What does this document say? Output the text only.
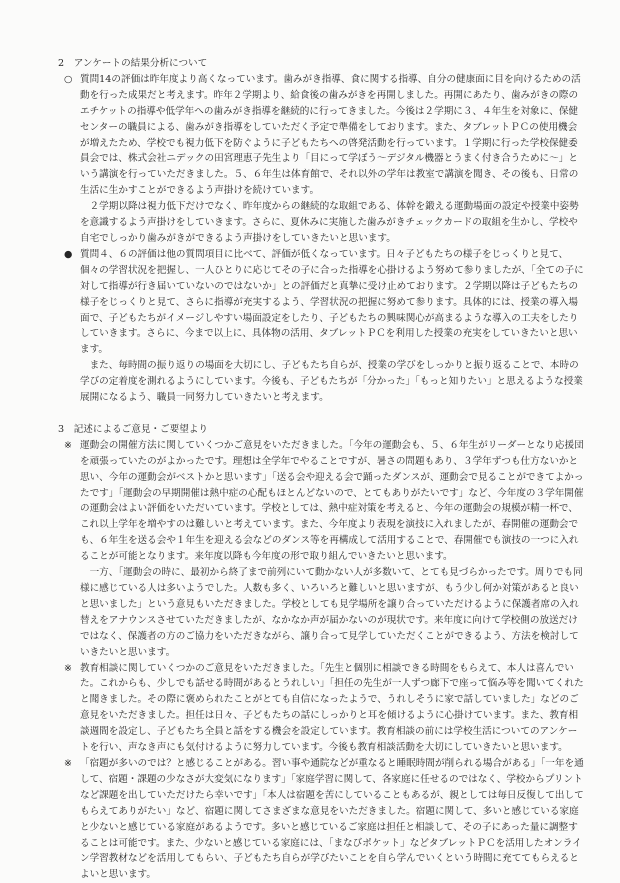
2　アンケートの結果分析について

○ 質問14の評価は昨年度より高くなっています。歯みがき指導、食に関する指導、自分の健康面に目を向けるための活動を行った成果だと考えます。昨年２学期より、給食後の歯みがきを再開しました。再開にあたり、歯みがきの際のエチケットの指導や低学年への歯みがき指導を継続的に行ってきました。今後は２学期に３、４年生を対象に、保健センターの職員による、歯みがき指導をしていただく予定で準備をしております。また、タブレットＰＣの使用機会が増えたため、学校でも視力低下を防ぐように子どもたちへの啓発活動を行っています。１学期に行った学校保健委員会では、株式会社ニデックの田宮理恵子先生より「目にって学ぼう〜デジタル機器とうまく付き合うために〜」という講演を行っていただきました。５、６年生は体育館で、それ以外の学年は教室で講演を聞き、その後も、日常の生活に生かすことができるよう声掛けを続けています。

２学期以降は視力低下だけでなく、昨年度からの継続的な取組である、体幹を鍛える運動場面の設定や授業中姿勢を意識するよう声掛けをしていきます。さらに、夏休みに実施した歯みがきチェックカードの取組を生かし、学校や自宅でしっかり歯みがきができるよう声掛けをしていきたいと思います。

● 質問４、６の評価は他の質問項目に比べて、評価が低くなっています。日々子どもたちの様子をじっくりと見て、個々の学習状況を把握し、一人ひとりに応じてその子に合った指導を心掛けるよう努めて参りましたが、「全ての子に対して指導が行き届いていないのではないか」との評価だと真摯に受け止めております。２学期以降は子どもたちの様子をじっくりと見て、さらに指導が充実するよう、学習状況の把握に努めて参ります。具体的には、授業の導入場面で、子どもたちがイメージしやすい場面設定をしたり、子どもたちの興味関心が高まるような導入の工夫をしたりしていきます。さらに、今まで以上に、具体物の活用、タブレットＰＣを利用した授業の充実をしていきたいと思います。

また、毎時間の振り返りの場面を大切にし、子どもたち自らが、授業の学びをしっかりと振り返ることで、本時の学びの定着度を測れるようにしています。今後も、子どもたちが「分かった」「もっと知りたい」と思えるような授業展開になるよう、職員一同努力していきたいと考えます。

3　記述によるご意見・ご要望より

※ 運動会の開催方法に関していくつかご意見をいただきました。「今年の運動会も、５、６年生がリーダーとなり応援団を頑張っていたのがよかったです。理想は全学年でやることですが、暑さの問題もあり、３学年ずつも仕方ないかと思い、今年の運動会がベストかと思います」「送る会や迎える会で踊ったダンスが、運動会で見ることができてよかったです」「運動会の早期開催は熱中症の心配もほとんどないので、とてもありがたいです」など、今年度の３学年開催の運動会はよい評価をいただいています。学校としては、熱中症対策を考えると、今年の運動会の規模が精一杯で、これ以上学年を増やすのは難しいと考えています。また、今年度より表現を演技に入れましたが、春開催の運動会でも、６年生を送る会や１年生を迎える会などのダンス等を再構成して活用することで、春開催でも演技の一つに入れることが可能となります。来年度以降も今年度の形で取り組んでいきたいと思います。

一方、「運動会の時に、最初から終了まで前列にいて動かない人が多数いて、とても見づらかったです。周りでも同様に感じている人は多いようでした。人数も多く、いろいろと難しいと思いますが、もう少し何か対策があると良いと思いました」という意見もいただきました。学校としても見学場所を譲り合っていただけるように保護者席の入れ替えをアナウンスさせていただきましたが、なかなか声が届かないのが現状です。来年度に向けて学校側の放送だけではなく、保護者の方のご協力をいただきながら、譲り合って見学していただくことができるよう、方法を検討していきたいと思います。

※ 教育相談に関していくつかのご意見をいただきました。「先生と個別に相談できる時間をもらえて、本人は喜んでいた。これからも、少しでも話せる時間があるとうれしい」「担任の先生が一人ずつ廊下で座って悩み等を聞いてくれたと聞きました。その際に褒められたことがとても自信になったようで、うれしそうに家で話していました」などのご意見をいただきました。担任は日々、子どもたちの話にしっかりと耳を傾けるように心掛けています。また、教育相談週間を設定し、子どもたち全員と話をする機会を設定しています。教育相談の前には学校生活についてのアンケートを行い、声なき声にも気付けるように努力しています。今後も教育相談活動を大切にしていきたいと思います。

※ 「宿題が多いのでは？と感じることがある。習い事や通院などが重なると睡眠時間が削られる場合がある」「一年を通して、宿題・課題の少なさが大変気になります」「家庭学習に関して、各家庭に任せるのではなく、学校からプリントなど課題を出していただけたら幸いです」「本人は宿題を苦にしていることもあるが、親としては毎日反復して出してもらえてありがたい」など、宿題に関してさまざまな意見をいただきました。宿題に関して、多いと感じている家庭と少ないと感じている家庭があるようです。多いと感じているご家庭は担任と相談して、その子にあった量に調整することは可能です。また、少ないと感じている家庭には、「まなびポケット」などタブレットＰＣを活用したオンライン学習教材などを活用してもらい、子どもたち自らが学びたいことを自ら学んでいくという時間に充ててもらえるとよいと思います。
